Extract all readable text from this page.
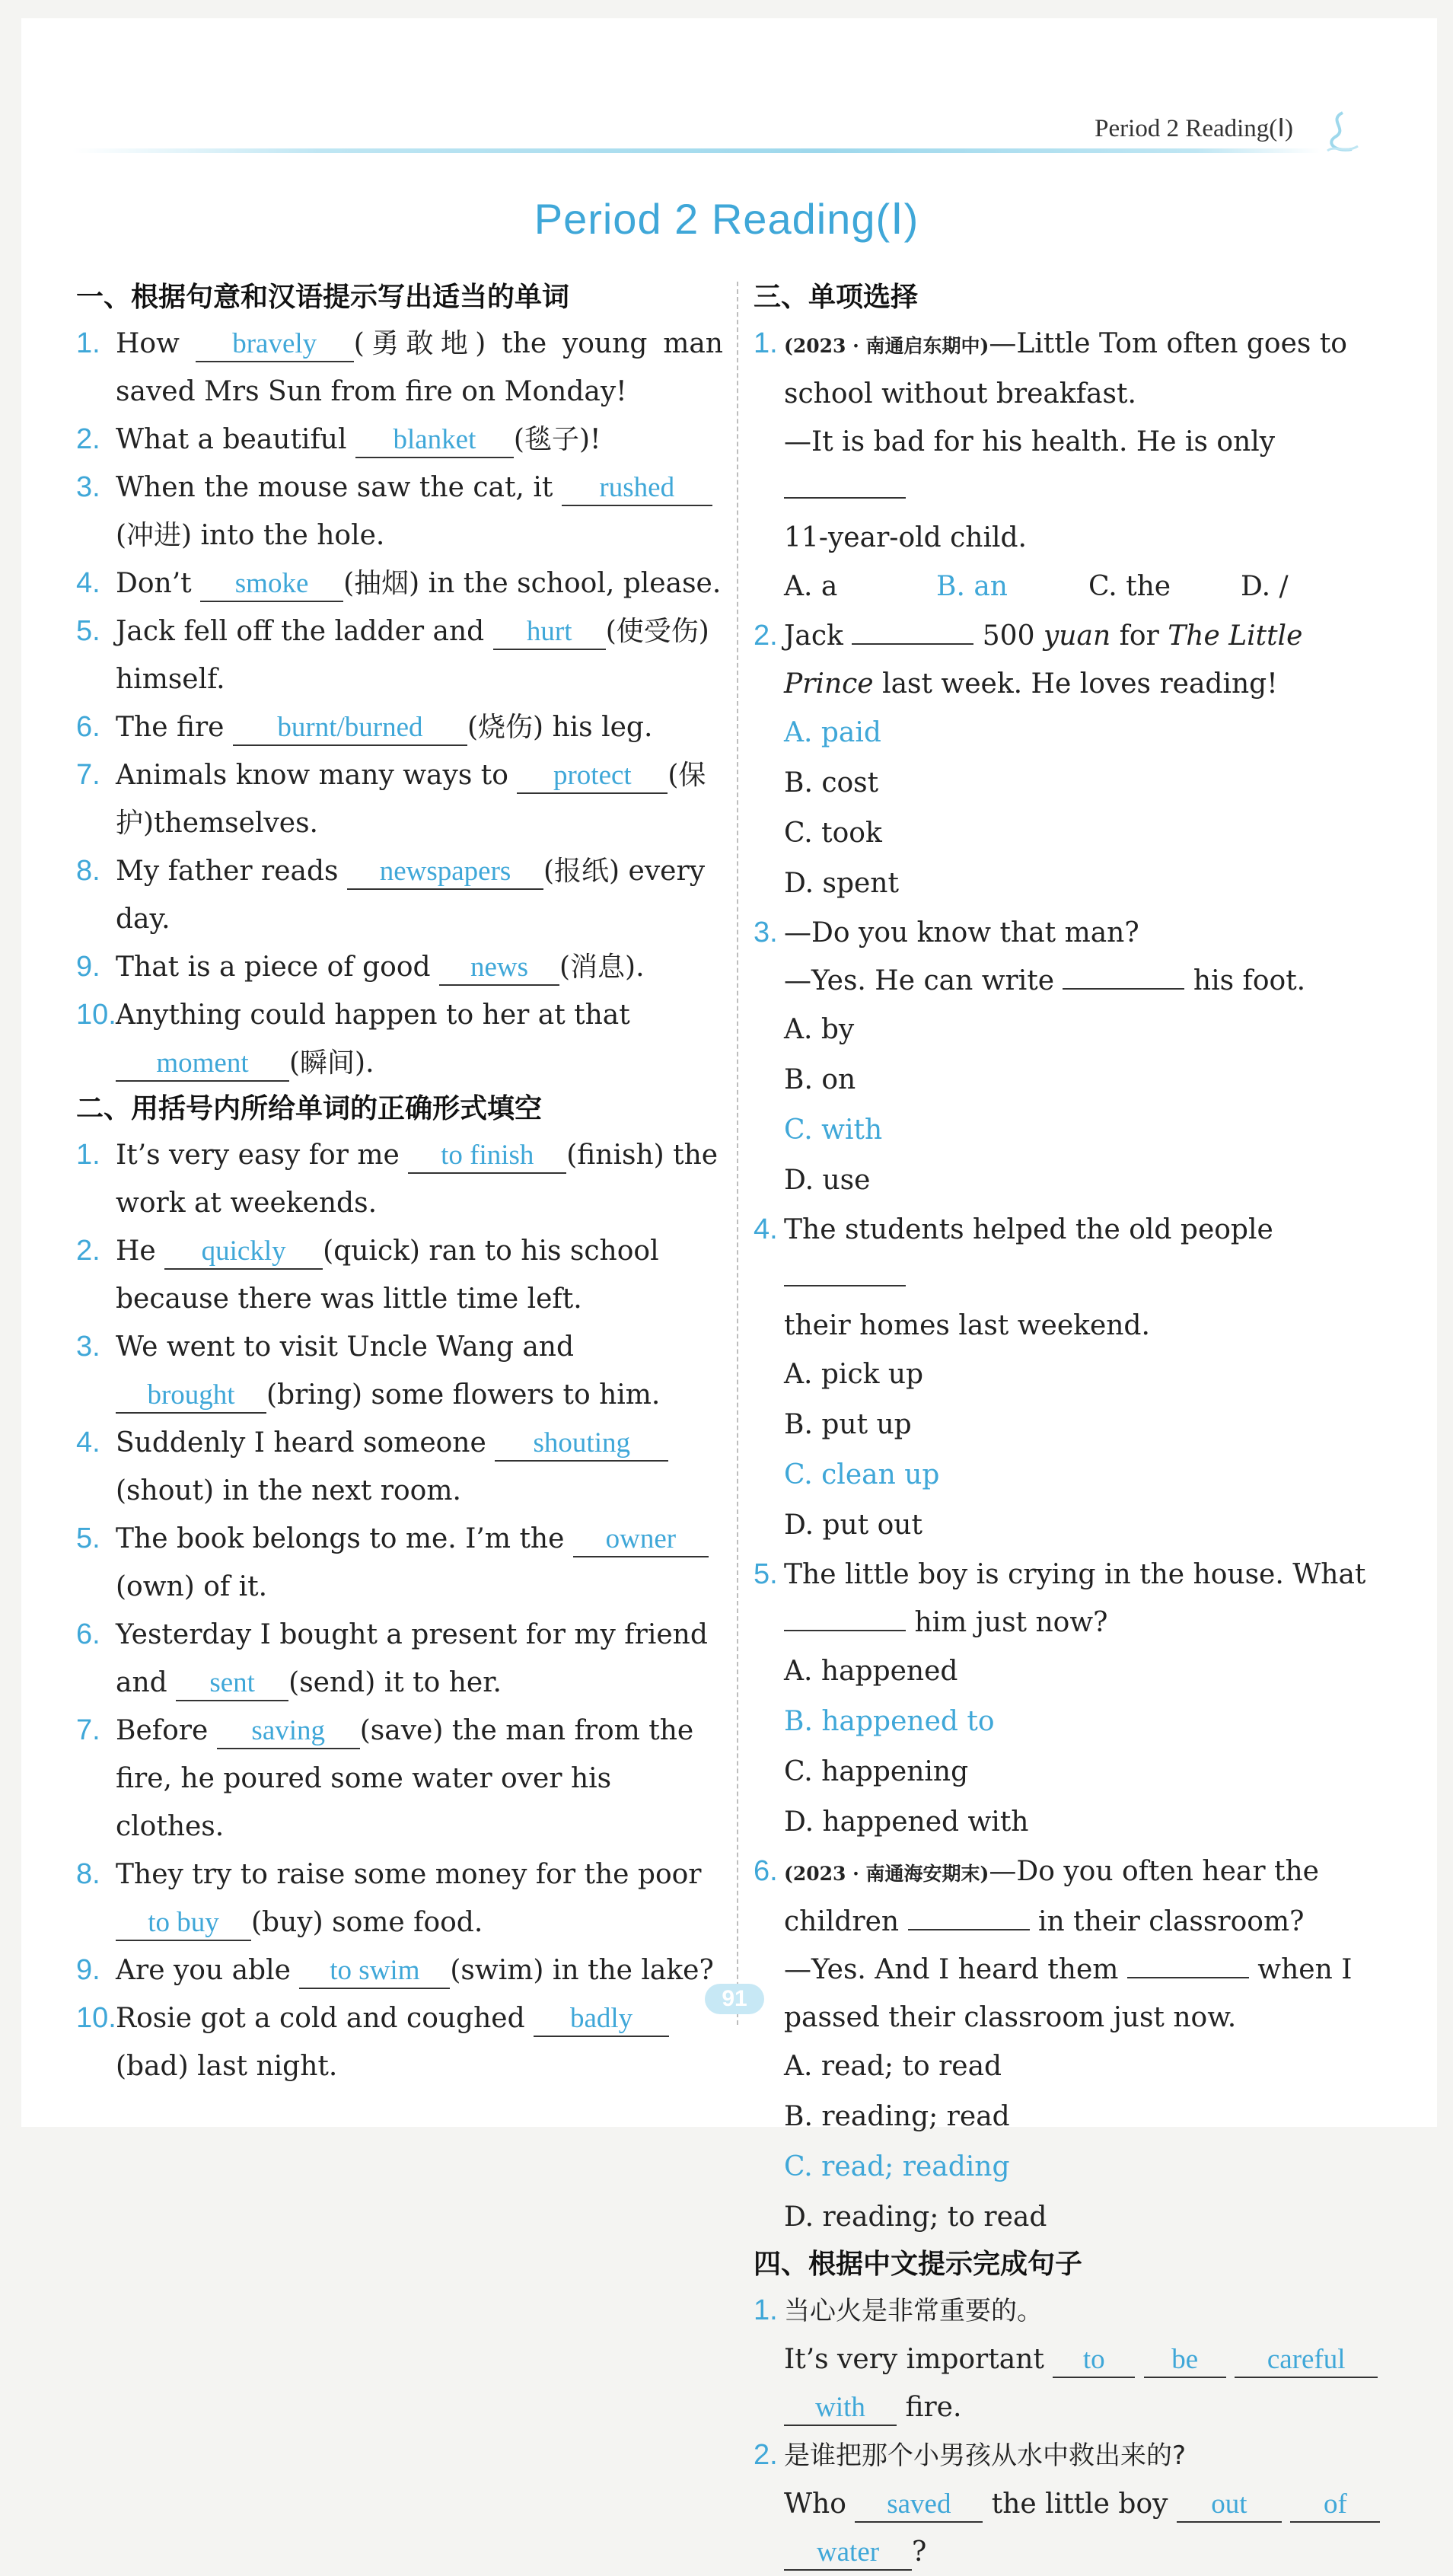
Period 2 Reading(Ⅰ)
Period 2 Reading(Ⅰ)
一、根据句意和汉语提示写出适当的单词
1. How bravely (勇敢地) the young man saved Mrs Sun from fire on Monday!
2. What a beautiful blanket (毯子)!
3. When the mouse saw the cat, it rushed(冲进) into the hole.
4. Don’t smoke (抽烟) in the school, please.
5. Jack fell off the ladder and hurt (使受伤) himself.
6. The fire burnt/burned (烧伤) his leg.
7. Animals know many ways to protect (保护)themselves.
8. My father reads newspapers (报纸) every day.
9. That is a piece of good news (消息).
10. Anything could happen to her at that moment (瞬间).
二、用括号内所给单词的正确形式填空
1. It’s very easy for me to finish (finish) the work at weekends.
2. He quickly (quick) ran to his school because there was little time left.
3. We went to visit Uncle Wang and brought (bring) some flowers to him.
4. Suddenly I heard someone shouting(shout) in the next room.
5. The book belongs to me. I’m the owner(own) of it.
6. Yesterday I bought a present for my friend and sent (send) it to her.
7. Before saving (save) the man from the fire, he poured some water over his clothes.
8. They try to raise some money for the poor to buy (buy) some food.
9. Are you able to swim (swim) in the lake?
10. Rosie got a cold and coughed badly(bad) last night.
三、单项选择
1. (2023 · 南通启东期中)—Little Tom often goes to school without breakfast.
—It is bad for his health. He is only
11-year-old child.
A. a	B. an	C. the	D. /
2. Jack	500 yuan for The Little Prince last week. He loves reading!
A. paid
B. cost
C. took
D. spent
3. —Do you know that man?
—Yes. He can write	his foot.
A. by
B. on
C. with
D. use
4. The students helped the old people
their homes last weekend.
A. pick up
B. put up
C. clean up
D. put out
5. The little boy is crying in the house. What
him just now?
A. happened
B. happened to
C. happening
D. happened with
6. (2023 · 南通海安期末)—Do you often hear the
children	in their classroom?
—Yes. And I heard them	when I
passed their classroom just now.
A. read; to read
B. reading; read
C. read; reading
D. reading; to read
四、根据中文提示完成句子
1. 当心火是非常重要的。
It’s very important to be careful
with fire.
2. 是谁把那个小男孩从水中救出来的?
Who saved the little boy out	of
water ?
91
